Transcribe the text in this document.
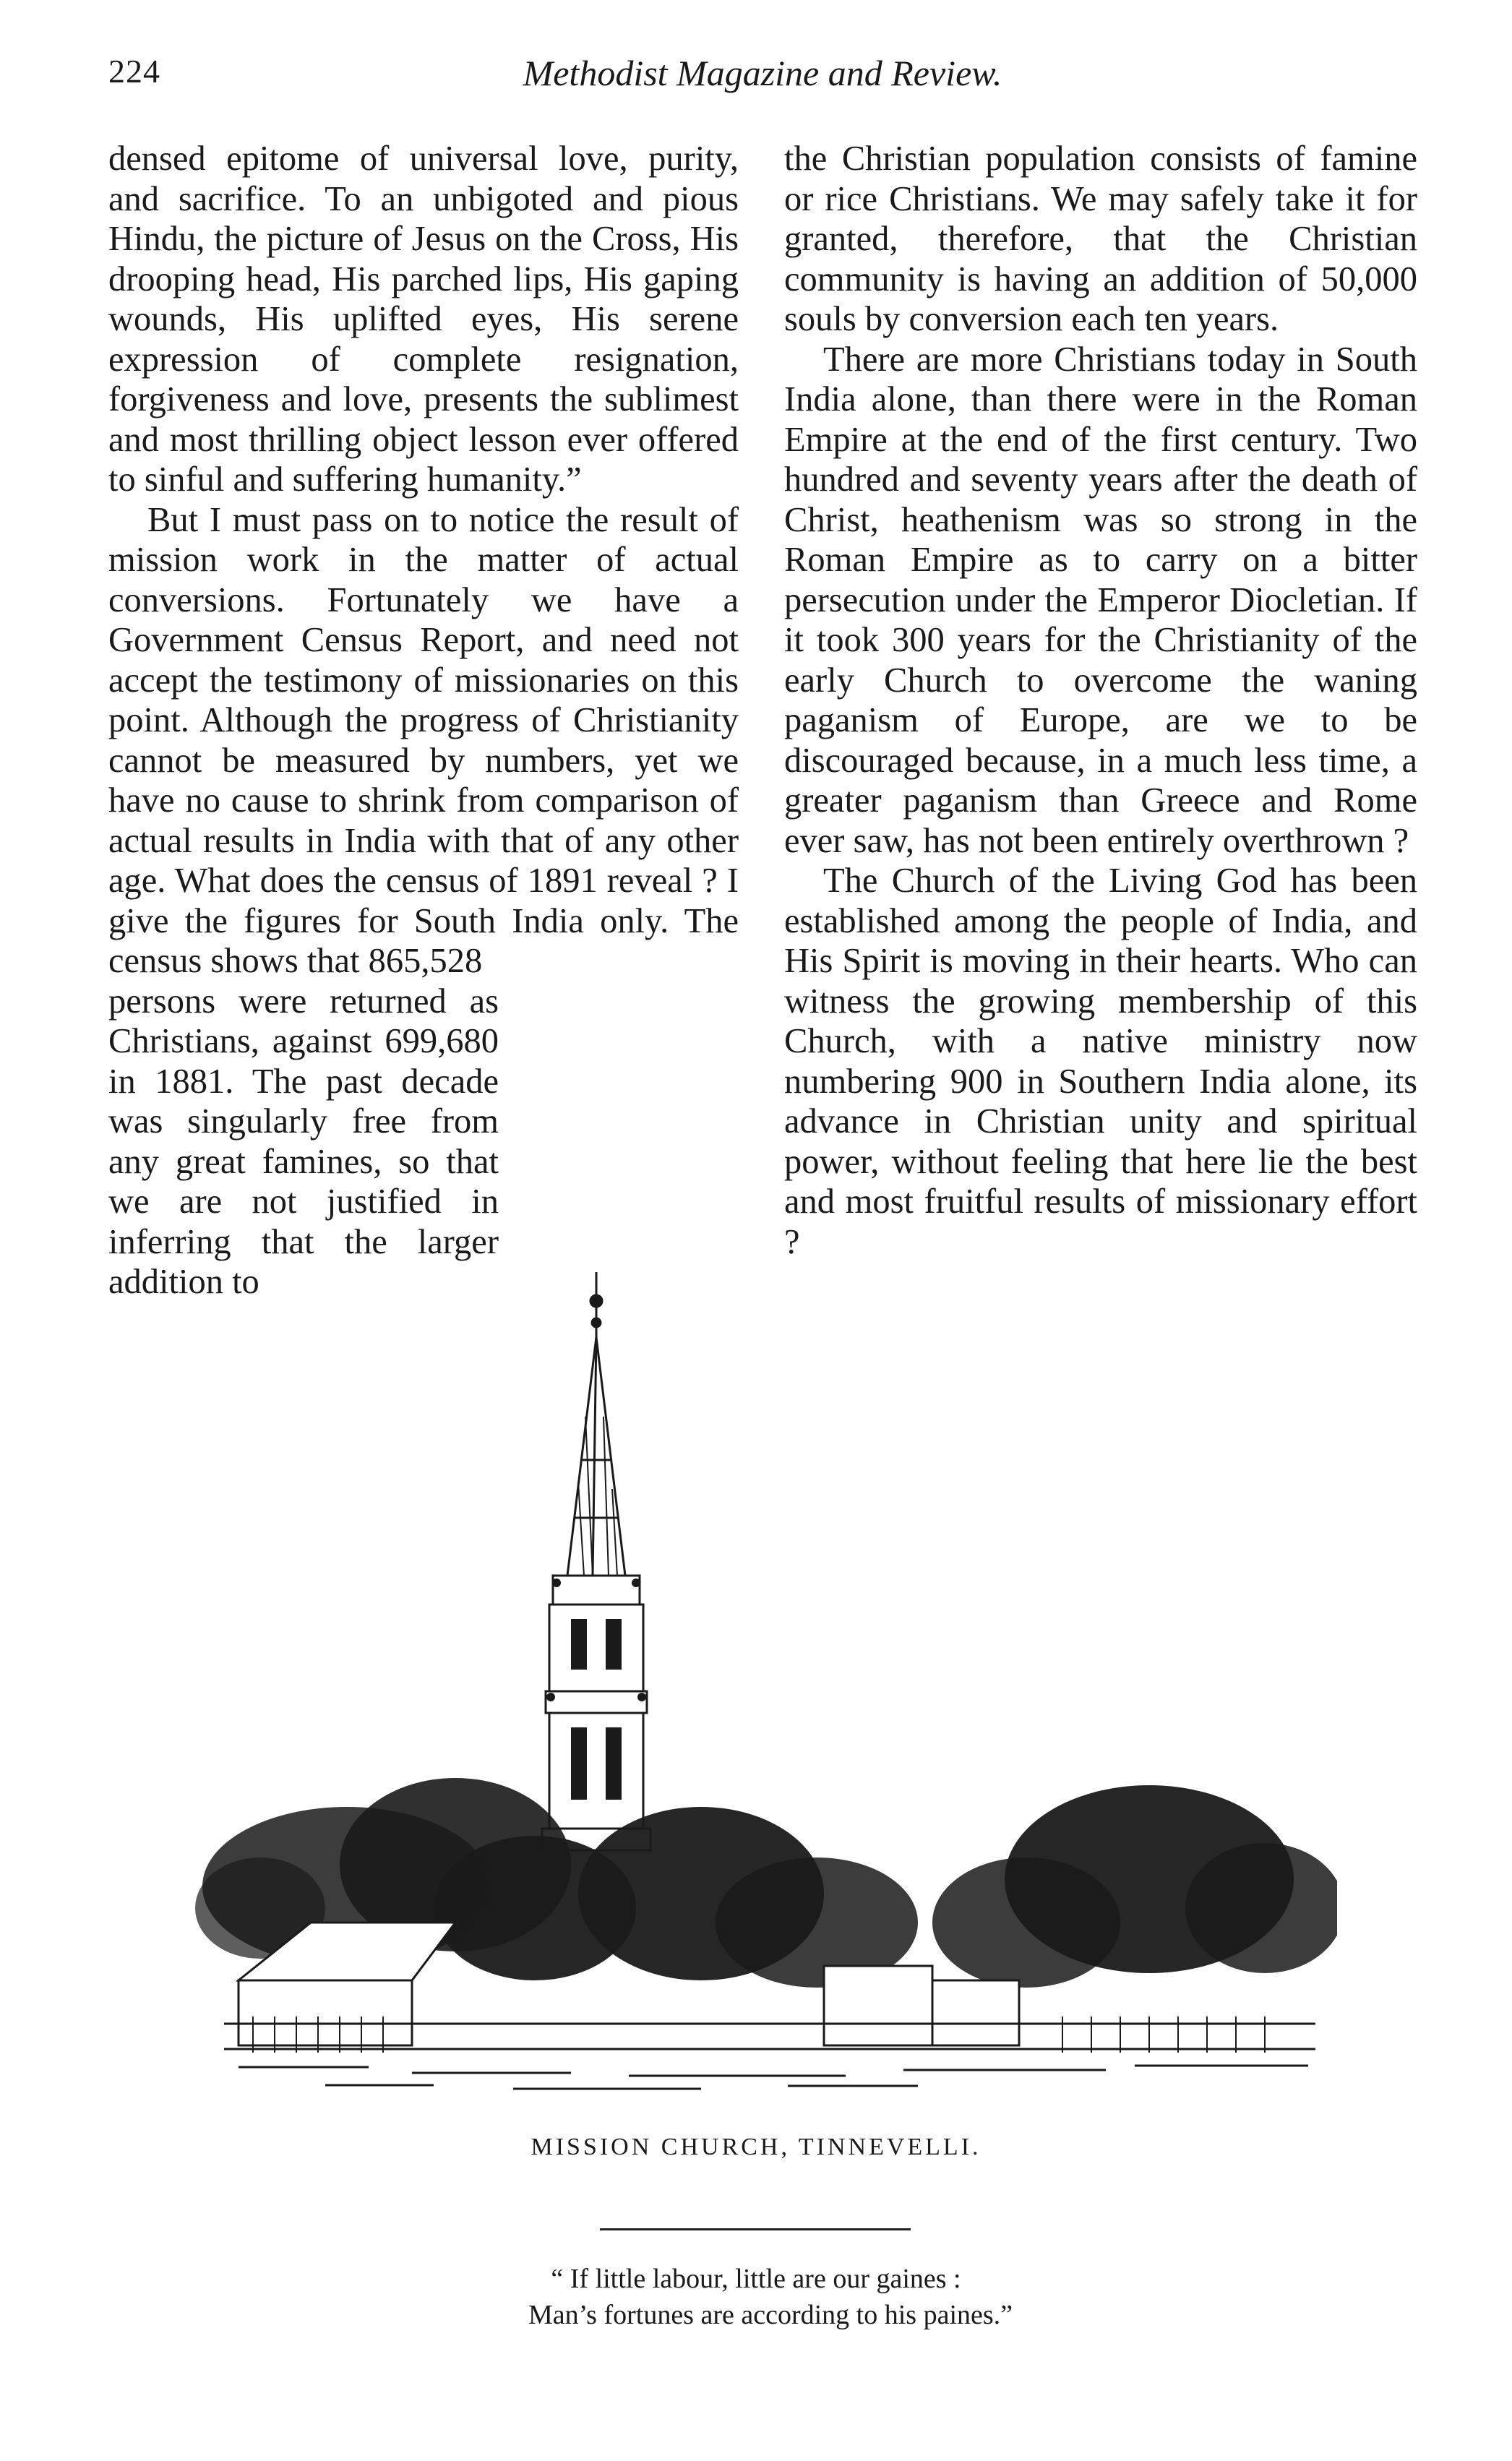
224	Methodist Magazine and Review.

densed epitome of universal love, purity, and sacrifice. To an unbigoted and pious Hindu, the picture of Jesus on the Cross, His drooping head, His parched lips, His gaping wounds, His uplifted eyes, His serene expression of complete resignation, forgiveness and love, presents the sublimest and most thrilling object lesson ever offered to sinful and suffering humanity.”

But I must pass on to notice the result of mission work in the matter of actual conversions. Fortunately we have a Government Census Report, and need not accept the testimony of missionaries on this point. Although the progress of Christianity cannot be measured by numbers, yet we have no cause to shrink from comparison of actual results in India with that of any other age. What does the census of 1891 reveal ? I give the figures for South India only. The census shows that 865,528

persons were returned as Christians, against 699,680 in 1881. The past decade was singularly free from any great famines, so that we are not justified in inferring that the larger addition to

the Christian population consists of famine or rice Christians. We may safely take it for granted, therefore, that the Christian community is having an addition of 50,000 souls by conversion each ten years.

There are more Christians today in South India alone, than there were in the Roman Empire at the end of the first century. Two hundred and seventy years after the death of Christ, heathenism was so strong in the Roman Empire as to carry on a bitter persecution under the Emperor Diocletian. If it took 300 years for the Christianity of the early Church to overcome the waning paganism of Europe, are we to be discouraged because, in a much less time, a greater paganism than Greece and Rome ever saw, has not been entirely overthrown ?

The Church of the Living God has been established among the people of India, and His Spirit is moving in their hearts. Who can witness the growing membership of this Church, with a native ministry now numbering 900 in Southern India alone, its advance in Christian unity and spiritual power, without feeling that here lie the best and most fruitful results of missionary effort ?

MISSION CHURCH, TINNEVELLI.
“ If little labour, little are our gaines :
Man’s fortunes are according to his paines.”
